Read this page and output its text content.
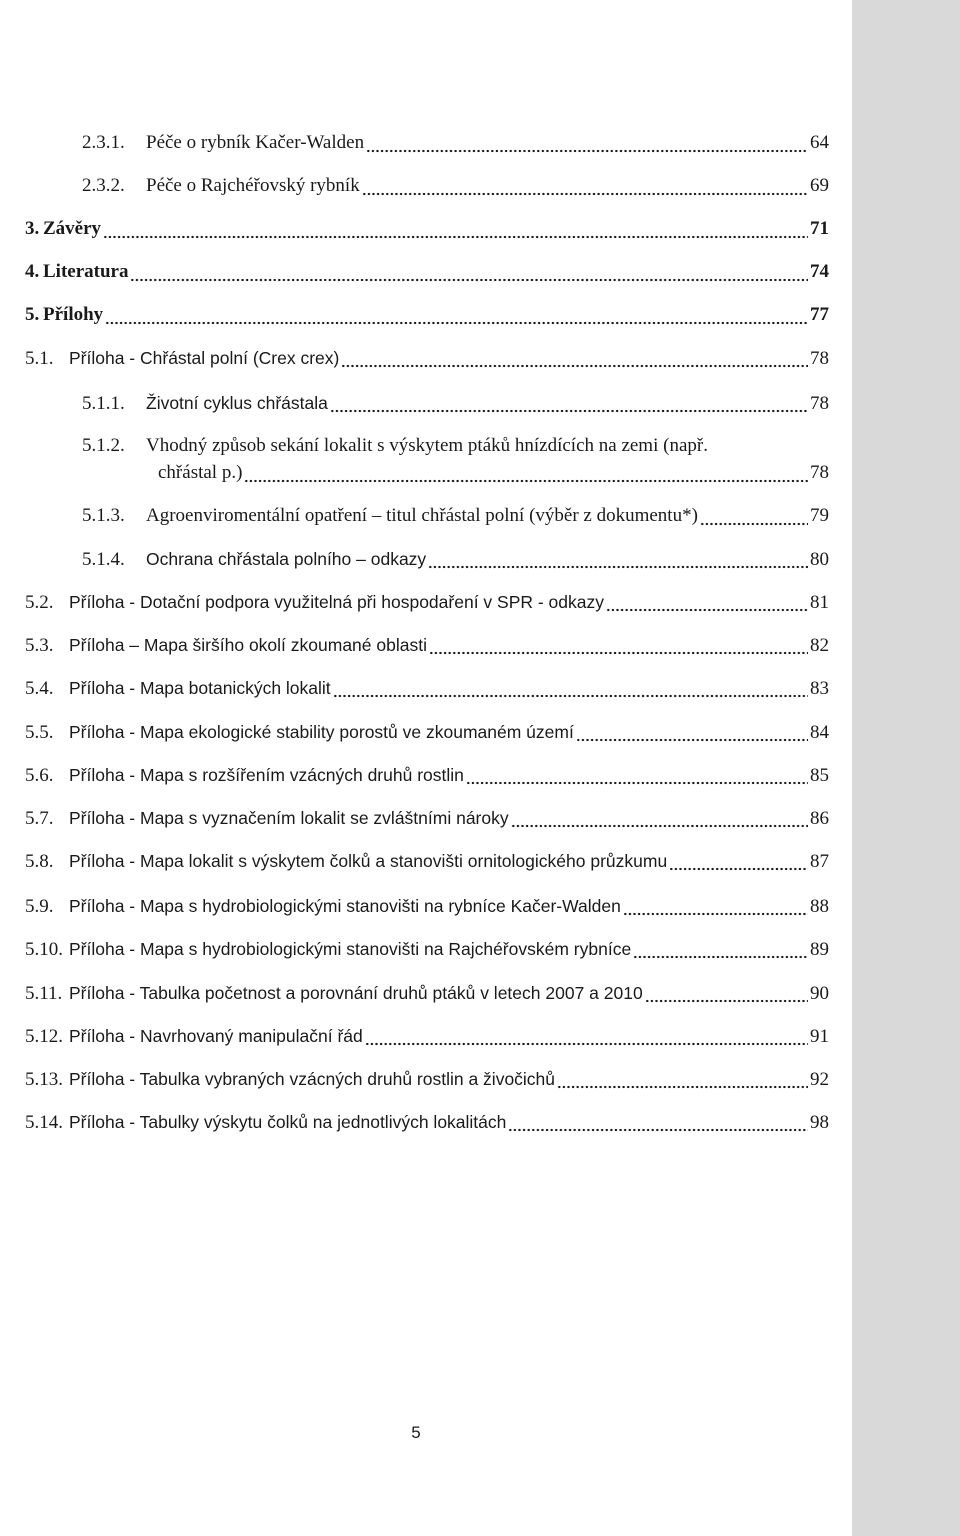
2.3.1.	Péče o rybník Kačer-Walden	64
2.3.2.	Péče o Rajchéřovský rybník	69
3. Závěry	71
4. Literatura	74
5. Přílohy	77
5.1. Příloha - Chřástal polní (Crex crex)	78
5.1.1.	Životní cyklus chřástala	78
5.1.2.	Vhodný způsob sekání lokalit s výskytem ptáků hnízdících na zemi (např.
chřástal p.)	78
5.1.3.	Agroenviromentální opatření – titul chřástal polní (výběr z dokumentu*)	79
5.1.4.	Ochrana chřástala polního – odkazy	80
5.2. Příloha - Dotační podpora využitelná při hospodaření v SPR - odkazy	81
5.3. Příloha – Mapa širšího okolí zkoumané oblasti	82
5.4. Příloha - Mapa botanických lokalit	83
5.5. Příloha - Mapa ekologické stability porostů ve zkoumaném území	84
5.6. Příloha - Mapa s rozšířením vzácných druhů rostlin	85
5.7. Příloha - Mapa s vyznačením lokalit se zvláštními nároky	86
5.8. Příloha - Mapa lokalit s výskytem čolků a stanovišti ornitologického průzkumu	87
5.9. Příloha - Mapa s hydrobiologickými stanovišti na rybníce Kačer-Walden	88
5.10. Příloha - Mapa s hydrobiologickými stanovišti na Rajchéřovském rybníce	89
5.11. Příloha - Tabulka početnost a porovnání druhů ptáků v letech 2007 a 2010	90
5.12. Příloha - Navrhovaný manipulační řád	91
5.13. Příloha - Tabulka vybraných vzácných druhů rostlin a živočichů	92
5.14. Příloha - Tabulky výskytu čolků na jednotlivých lokalitách	98
5
